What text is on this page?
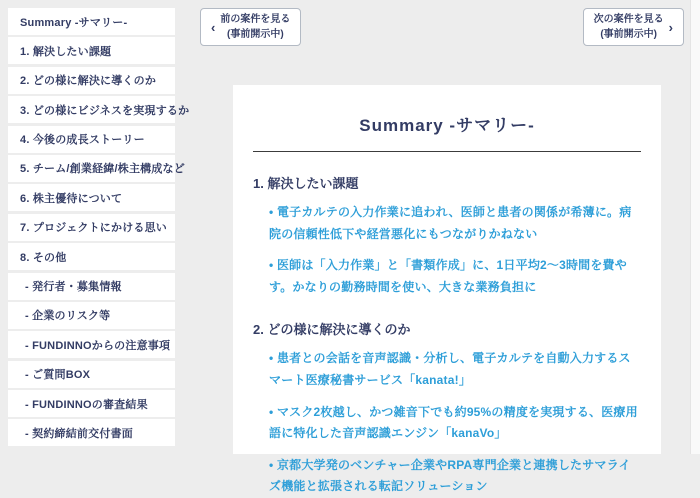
Summary -サマリー-
1. 解決したい課題
2. どの様に解決に導くのか
3. どの様にビジネスを実現するか
4. 今後の成長ストーリー
5. チーム/創業経緯/株主構成など
6. 株主優待について
7. プロジェクトにかける思い
8. その他
- 発行者・募集情報
- 企業のリスク等
- FUNDINNOからの注意事項
- ご質問BOX
- FUNDINNOの審査結果
- 契約締結前交付書面
‹ 前の案件を見る
(事前開示中)
次の案件を見る
(事前開示中) ›
Summary -サマリー-
1. 解決したい課題

• 電子カルテの入力作業に追われ、医師と患者の関係が希薄に。病院の信頼性低下や経営悪化にもつながりかねない

• 医師は「入力作業」と「書類作成」に、1日平均2〜3時間を費やす。かなりの勤務時間を使い、大きな業務負担に

2. どの様に解決に導くのか

• 患者との会話を音声認識・分析し、電子カルテを自動入力するスマート医療秘書サービス「kanata!」

• マスク2枚越し、かつ雑音下でも約95%の精度を実現する、医療用語に特化した音声認識エンジン「kanaVo」

• 京都大学発のベンチャー企業やRPA専門企業と連携したサマライズ機能と拡張される転記ソリューション
